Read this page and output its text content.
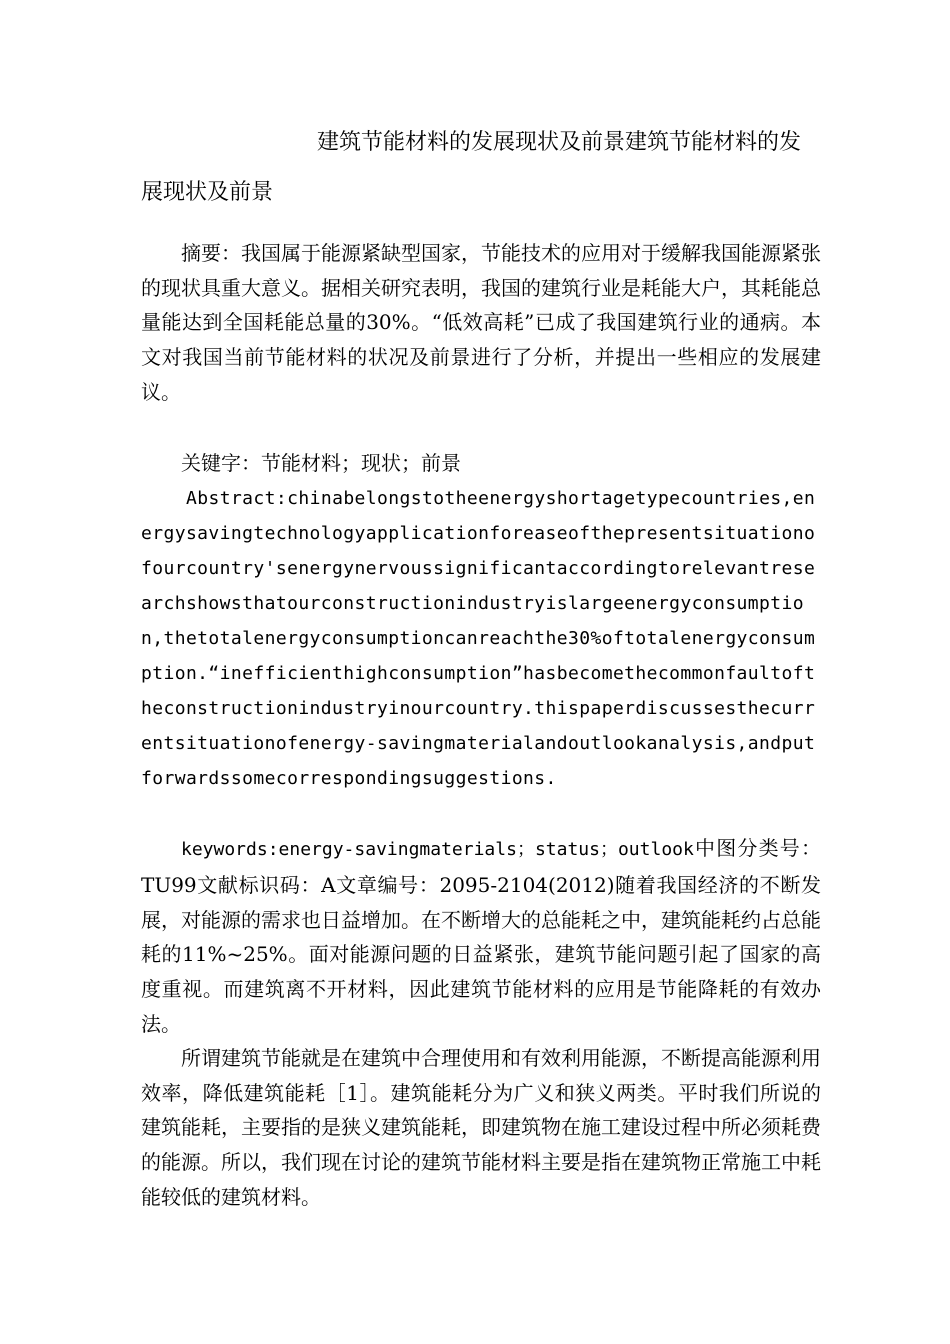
建筑节能材料的发展现状及前景建筑节能材料的发展现状及前景
摘要：我国属于能源紧缺型国家，节能技术的应用对于缓解我国能源紧张的现状具重大意义。据相关研究表明，我国的建筑行业是耗能大户，其耗能总量能达到全国耗能总量的30%。“低效高耗”已成了我国建筑行业的通病。本文对我国当前节能材料的状况及前景进行了分析，并提出一些相应的发展建议。
关键字：节能材料；现状；前景
Abstract:chinabelongstotheenergyshortagetypecountries,energysavingtechnologyapplicationforeaseofthepresentsituationofourcountry'senergynervoussignificantaccordingtorelevantresearchshowsthatourconstructionindustryislargeenergyconsumption,thetotalenergyconsumptioncanreachthe30%oftotalenergyconsumption.“inefficienthighconsumption”hasbecomethecommonfaultoftheconstructionindustryinourcountry.thispaperdiscussesthecurrentsituationofenergy-savingmaterialandoutlookanalysis,andputforwardssomecorrespondingsuggestions.
keywords:energy-savingmaterials；status；outlook中图分类号：TU99文献标识码：A文章编号：2095-2104(2012)随着我国经济的不断发展，对能源的需求也日益增加。在不断增大的总能耗之中，建筑能耗约占总能耗的11%~25%。面对能源问题的日益紧张，建筑节能问题引起了国家的高度重视。而建筑离不开材料，因此建筑节能材料的应用是节能降耗的有效办法。
所谓建筑节能就是在建筑中合理使用和有效利用能源，不断提高能源利用效率，降低建筑能耗［1］。建筑能耗分为广义和狭义两类。平时我们所说的建筑能耗，主要指的是狭义建筑能耗，即建筑物在施工建设过程中所必须耗费的能源。所以，我们现在讨论的建筑节能材料主要是指在建筑物正常施工中耗能较低的建筑材料。
